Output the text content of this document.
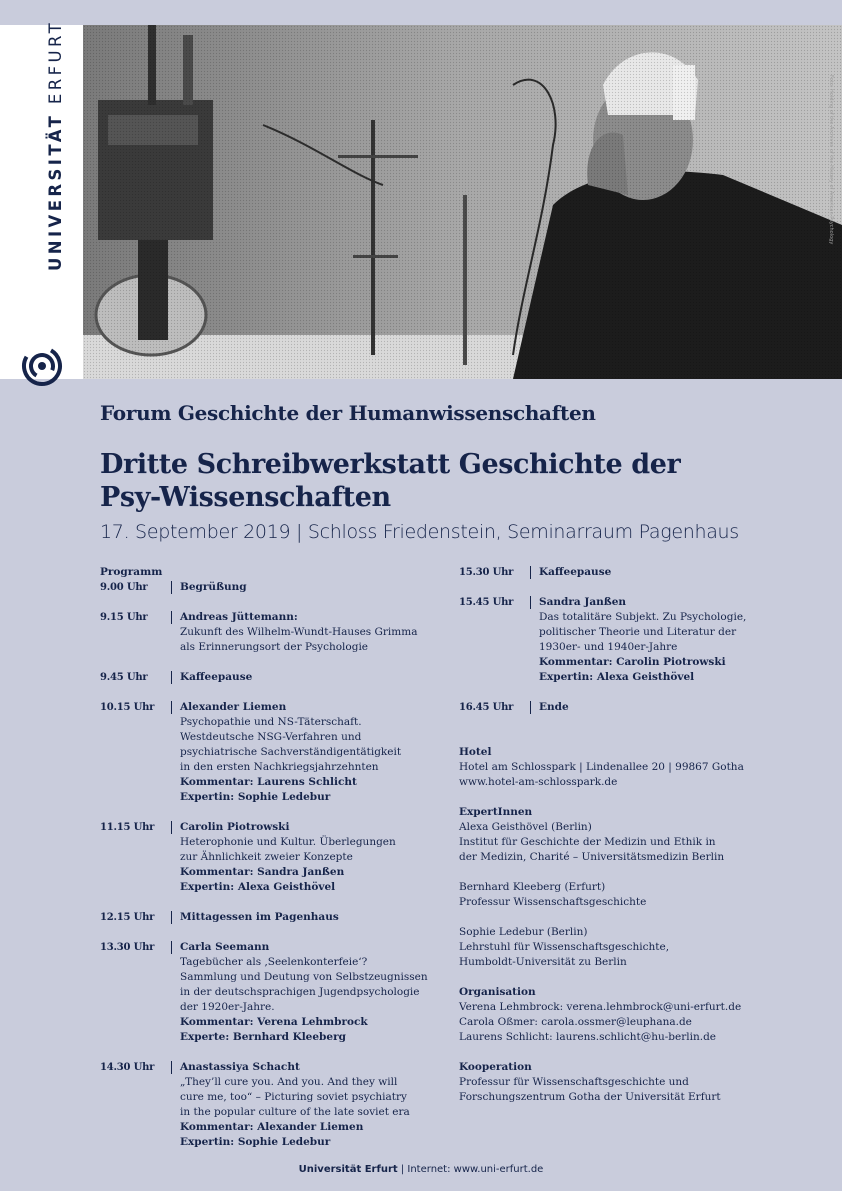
UNIVERSITÄT ERFURT
Foto: Holding of the Archives of the History of American Psychology
Forum Geschichte der Humanwissenschaften
Dritte Schreibwerkstatt Geschichte der
Psy-Wissenschaften
17. September 2019 | Schloss Friedenstein, Seminarraum Pagenhaus
Programm
9.00 Uhr	Begrüßung
9.15 Uhr	Andreas Jüttemann:
Zukunft des Wilhelm-Wundt-Hauses Grimma
als Erinnerungsort der Psychologie
9.45 Uhr	Kaffeepause
10.15 Uhr Alexander Liemen
Psychopathie und NS-Täterschaft.
Westdeutsche NSG-Verfahren und
psychiatrische Sachverständigentätigkeit
in den ersten Nachkriegsjahrzehnten
Kommentar: Laurens Schlicht
Expertin: Sophie Ledebur
11.15 Uhr Carolin Piotrowski
Heterophonie und Kultur. Überlegungen
zur Ähnlichkeit zweier Konzepte
Kommentar: Sandra Janßen
Expertin: Alexa Geisthövel
12.15 Uhr Mittagessen im Pagenhaus
13.30 Uhr Carla Seemann
Tagebücher als ‚Seelenkonterfeie‘?
Sammlung und Deutung von Selbstzeugnissen
in der deutschsprachigen Jugendpsychologie
der 1920er-Jahre.
Kommentar: Verena Lehmbrock
Experte: Bernhard Kleeberg
14.30 Uhr Anastassiya Schacht
„They’ll cure you. And you. And they will
cure me, too“ – Picturing soviet psychiatry
in the popular culture of the late soviet era
Kommentar: Alexander Liemen
Expertin: Sophie Ledebur
15.30 Uhr Kaffeepause
15.45 Uhr Sandra Janßen
Das totalitäre Subjekt. Zu Psychologie,
politischer Theorie und Literatur der
1930er- und 1940er-Jahre
Kommentar: Carolin Piotrowski
Expertin: Alexa Geisthövel
16.45 Uhr Ende
Hotel
Hotel am Schlosspark | Lindenallee 20 | 99867 Gotha
www.hotel-am-schlosspark.de
ExpertInnen
Alexa Geisthövel (Berlin)
Institut für Geschichte der Medizin und Ethik in
der Medizin, Charité – Universitätsmedizin Berlin
Bernhard Kleeberg (Erfurt)
Professur Wissenschaftsgeschichte
Sophie Ledebur (Berlin)
Lehrstuhl für Wissenschaftsgeschichte,
Humboldt-Universität zu Berlin
Organisation
Verena Lehmbrock: verena.lehmbrock@uni-erfurt.de
Carola Oßmer: carola.ossmer@leuphana.de
Laurens Schlicht: laurens.schlicht@hu-berlin.de
Kooperation
Professur für Wissenschaftsgeschichte und
Forschungszentrum Gotha der Universität Erfurt
Universität Erfurt | Internet: www.uni-erfurt.de
